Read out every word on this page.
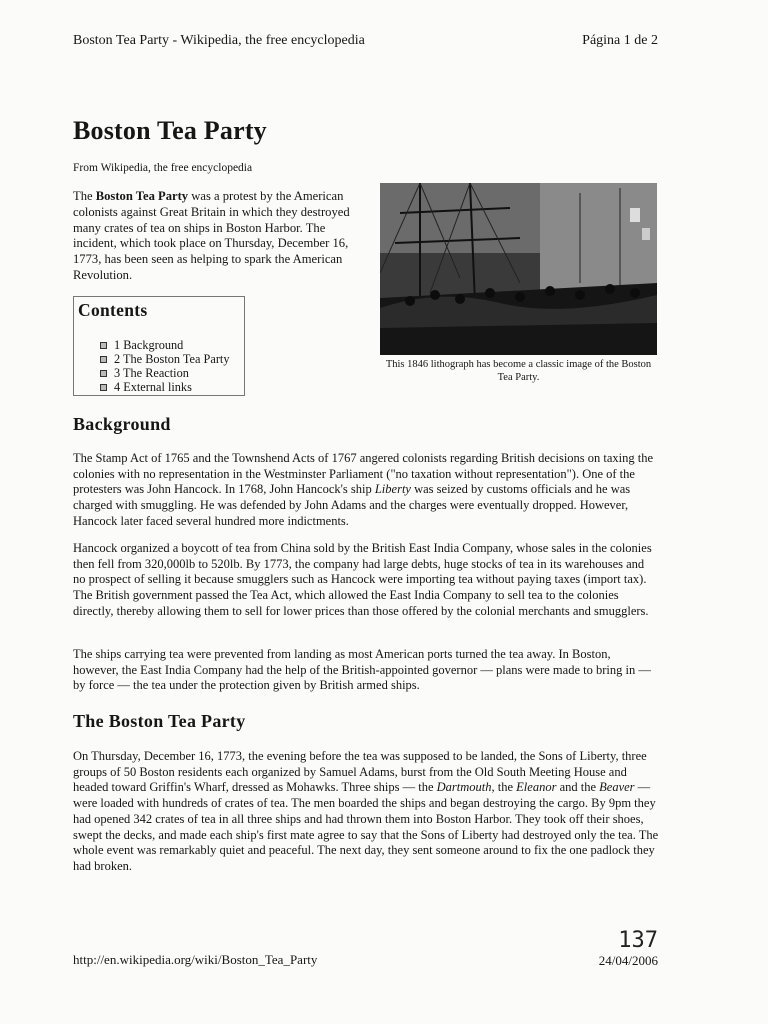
Boston Tea Party - Wikipedia, the free encyclopedia	Página 1 de 2
Boston Tea Party
From Wikipedia, the free encyclopedia

The Boston Tea Party was a protest by the American colonists against Great Britain in which they destroyed many crates of tea on ships in Boston Harbor. The incident, which took place on Thursday, December 16, 1773, has been seen as helping to spark the American Revolution.

Contents
1 Background
2 The Boston Tea Party
3 The Reaction
4 External links
This 1846 lithograph has become a classic image of the Boston Tea Party.
Background

The Stamp Act of 1765 and the Townshend Acts of 1767 angered colonists regarding British decisions on taxing the colonies with no representation in the Westminster Parliament ("no taxation without representation"). One of the protesters was John Hancock. In 1768, John Hancock's ship Liberty was seized by customs officials and he was charged with smuggling. He was defended by John Adams and the charges were eventually dropped. However, Hancock later faced several hundred more indictments.

Hancock organized a boycott of tea from China sold by the British East India Company, whose sales in the colonies then fell from 320,000lb to 520lb. By 1773, the company had large debts, huge stocks of tea in its warehouses and no prospect of selling it because smugglers such as Hancock were importing tea without paying taxes (import tax). The British government passed the Tea Act, which allowed the East India Company to sell tea to the colonies directly, thereby allowing them to sell for lower prices than those offered by the colonial merchants and smugglers.

The ships carrying tea were prevented from landing as most American ports turned the tea away. In Boston, however, the East India Company had the help of the British-appointed governor — plans were made to bring in — by force — the tea under the protection given by British armed ships.

The Boston Tea Party

On Thursday, December 16, 1773, the evening before the tea was supposed to be landed, the Sons of Liberty, three groups of 50 Boston residents each organized by Samuel Adams, burst from the Old South Meeting House and headed toward Griffin's Wharf, dressed as Mohawks. Three ships — the Dartmouth, the Eleanor and the Beaver — were loaded with hundreds of crates of tea. The men boarded the ships and began destroying the cargo. By 9pm they had opened 342 crates of tea in all three ships and had thrown them into Boston Harbor. They took off their shoes, swept the decks, and made each ship's first mate agree to say that the Sons of Liberty had destroyed only the tea. The whole event was remarkably quiet and peaceful. The next day, they sent someone around to fix the one padlock they had broken.

137
http://en.wikipedia.org/wiki/Boston_Tea_Party	24/04/2006
